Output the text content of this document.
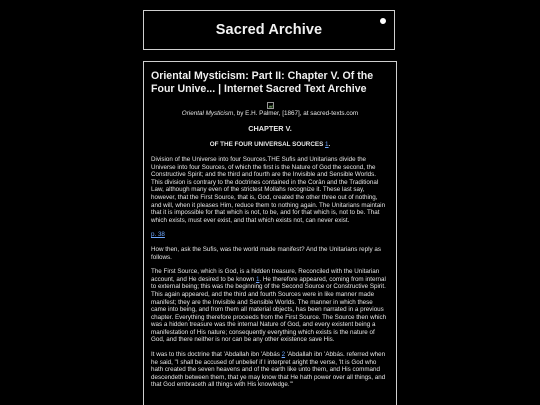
Sacred Archive
Oriental Mysticism: Part II: Chapter V. Of the Four Unive... | Internet Sacred Text Archive
Oriental Mysticism, by E.H. Palmer, [1867], at sacred-texts.com
CHAPTER V.
OF THE FOUR UNIVERSAL SOURCES 1.

Division of the Universe into four Sources.THE Sufis and Unitarians divide the Universe into four Sources, of which the first is the Nature of God the second, the Constructive Spirit; and the third and fourth are the Invisible and Sensible Worlds. This division is contrary to the doctrines contained in the Corân and the Traditional Law, although many even of the strictest Mollahs recognize it. These last say, however, that the First Source, that is, God, created the other three out of nothing, and will, when it pleases Him, reduce them to nothing again. The Unitarians maintain that it is impossible for that which is not, to be, and for that which is, not to be. That which exists, must ever exist, and that which exists not, can never exist.

p. 38

How then, ask the Sufis, was the world made manifest? And the Unitarians reply as follows.

The First Source, which is God, is a hidden treasure, Reconciled with the Unitarian account, and He desired to be known 1. He therefore appeared, coming from internal to external being; this was the beginning of the Second Source or Constructive Spirit. This again appeared, and the third and fourth Sources were in like manner made manifest; they are the Invisible and Sensible Worlds. The manner in which these came into being, and from them all material objects, has been narrated in a previous chapter. Everything therefore proceeds from the First Source. The Source then which was a hidden treasure was the internal Nature of God, and every existent being a manifestation of His nature; consequently everything which exists is the nature of God, and there neither is nor can be any other existence save His.

It was to this doctrine that 'Abdallah ibn 'Abbás 2 'Abdallah ibn 'Abbás. referred when he said, "I shall be accused of unbelief if I interpret aright the verse, 'It is God who hath created the seven heavens and of the earth like unto them, and His command descendeth between them, that ye may know that He hath power over all things, and that God embraceth all things with His knowledge.'"
